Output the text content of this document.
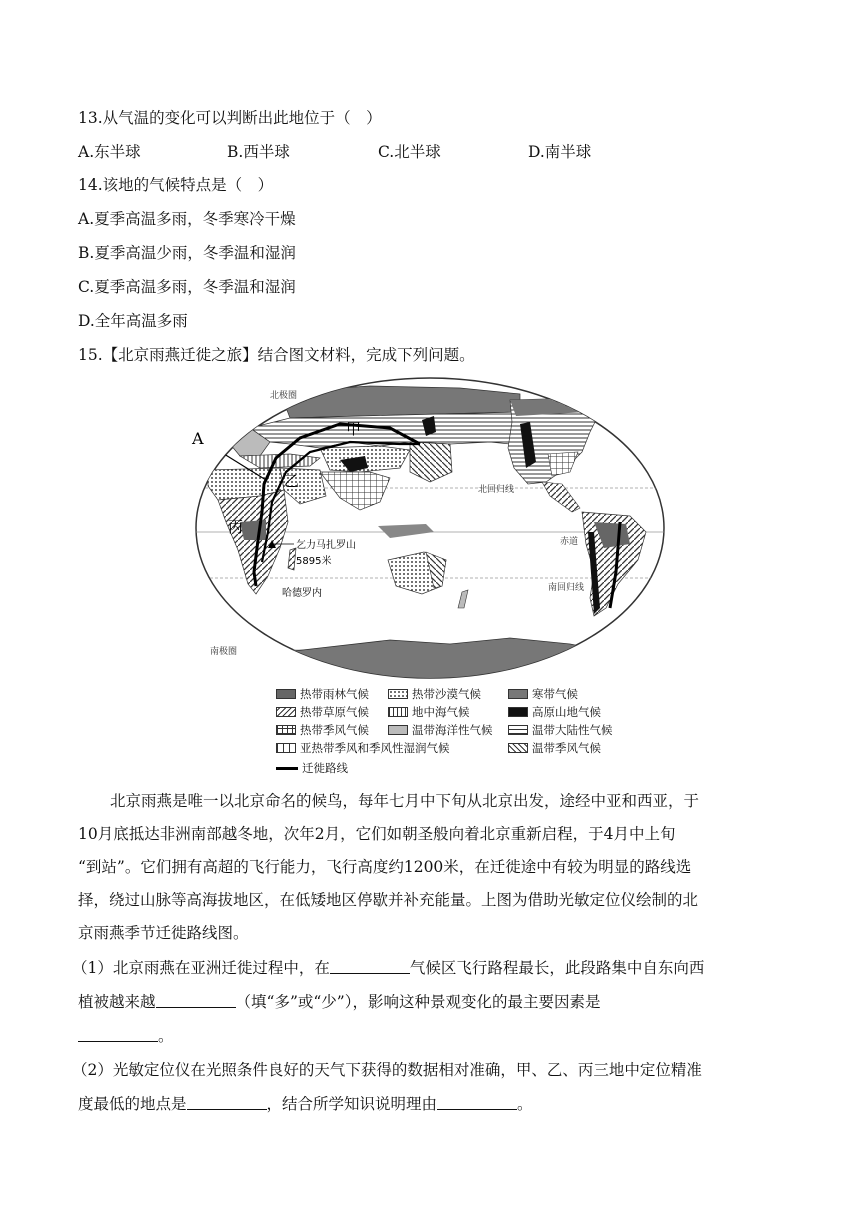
13.从气温的变化可以判断出此地位于（　）
A.东半球	B.西半球	C.北半球	D.南半球
14.该地的气候特点是（　）
A.夏季高温多雨，冬季寒冷干燥
B.夏季高温少雨，冬季温和湿润
C.夏季高温多雨，冬季温和湿润
D.全年高温多雨
15.【北京雨燕迁徙之旅】结合图文材料，完成下列问题。
北极圈
南极圈
北回归线
赤道
南回归线
A	甲
乙
丙
乞力马扎罗山
5895米
哈德罗内
热带雨林气候	热带沙漠气候	寒带气候
热带草原气候	地中海气候	高原山地气候
热带季风气候	温带海洋性气候	温带大陆性气候
亚热带季风和季风性湿润气候	温带季风气候
迁徙路线
北京雨燕是唯一以北京命名的候鸟，每年七月中下旬从北京出发，途经中亚和西亚，于
10月底抵达非洲南部越冬地，次年2月，它们如朝圣般向着北京重新启程，于4月中上旬
“到站”。它们拥有高超的飞行能力，飞行高度约1200米，在迁徙途中有较为明显的路线选
择，绕过山脉等高海拔地区，在低矮地区停歇并补充能量。上图为借助光敏定位仪绘制的北
京雨燕季节迁徙路线图。
（1）北京雨燕在亚洲迁徙过程中，在	气候区飞行路程最长，此段路集中自东向西
植被越来越	（填“多”或“少”），影响这种景观变化的最主要因素是
。
（2）光敏定位仪在光照条件良好的天气下获得的数据相对准确，甲、乙、丙三地中定位精准
度最低的地点是	，结合所学知识说明理由	。
